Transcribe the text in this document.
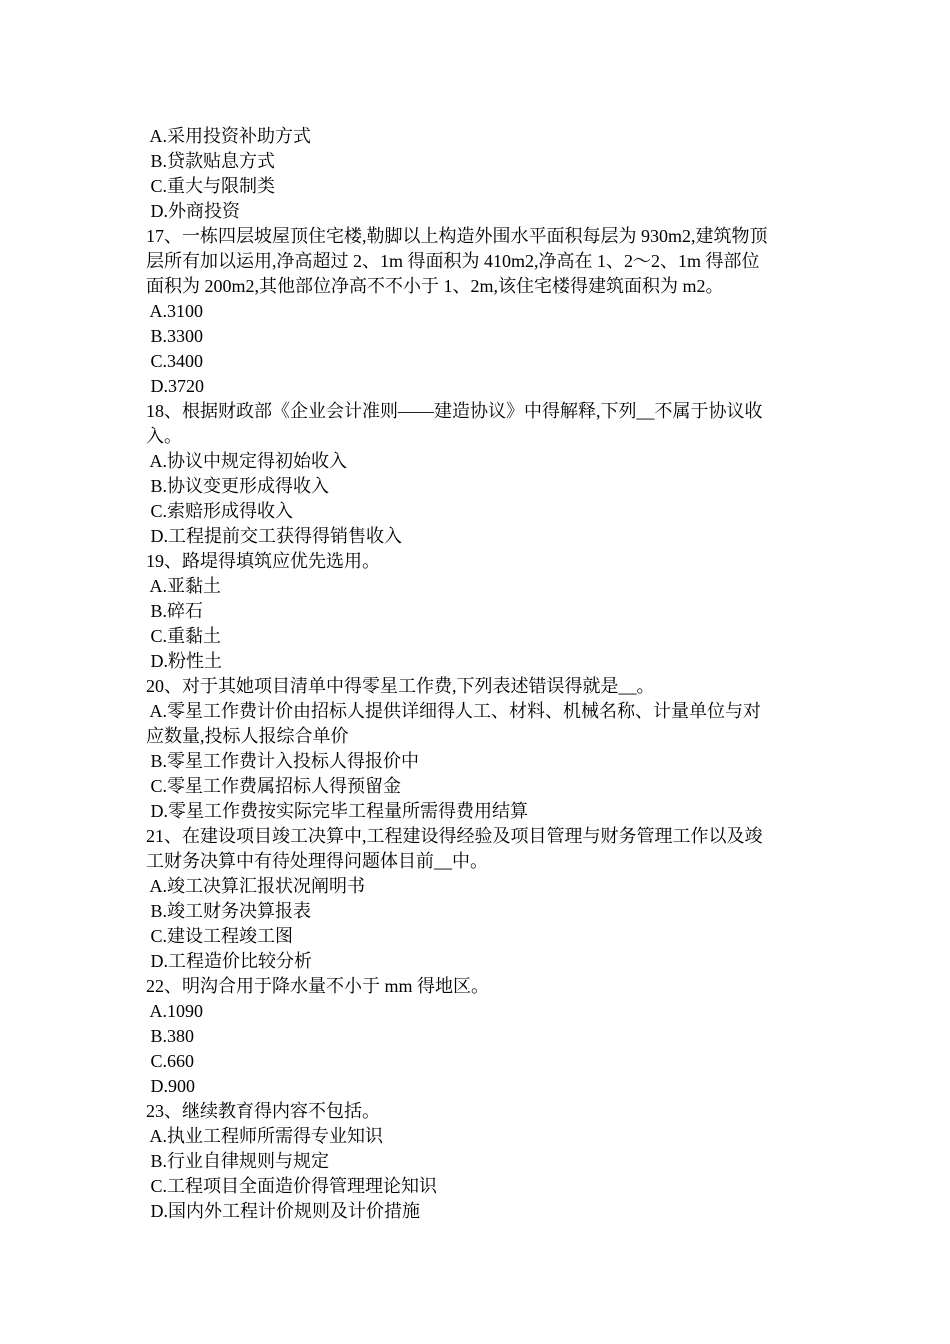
A.采用投资补助方式
B.贷款贴息方式
C.重大与限制类
D.外商投资
17、一栋四层坡屋顶住宅楼,勒脚以上构造外围水平面积每层为 930m2,建筑物顶
层所有加以运用,净高超过 2、1m 得面积为 410m2,净高在 1、2～2、1m 得部位
面积为 200m2,其他部位净高不不小于 1、2m,该住宅楼得建筑面积为 m2。
A.3100
B.3300
C.3400
D.3720
18、根据财政部《企业会计准则——建造协议》中得解释,下列__不属于协议收
入。
A.协议中规定得初始收入
B.协议变更形成得收入
C.索赔形成得收入
D.工程提前交工获得得销售收入
19、路堤得填筑应优先选用。
A.亚黏土
B.碎石
C.重黏土
D.粉性土
20、对于其她项目清单中得零星工作费,下列表述错误得就是__。
A.零星工作费计价由招标人提供详细得人工、材料、机械名称、计量单位与对
应数量,投标人报综合单价
B.零星工作费计入投标人得报价中
C.零星工作费属招标人得预留金
D.零星工作费按实际完毕工程量所需得费用结算
21、在建设项目竣工决算中,工程建设得经验及项目管理与财务管理工作以及竣
工财务决算中有待处理得问题体目前__中。
A.竣工决算汇报状况阐明书
B.竣工财务决算报表
C.建设工程竣工图
D.工程造价比较分析
22、明沟合用于降水量不小于 mm 得地区。
A.1090
B.380
C.660
D.900
23、继续教育得内容不包括。
A.执业工程师所需得专业知识
B.行业自律规则与规定
C.工程项目全面造价得管理理论知识
D.国内外工程计价规则及计价措施
